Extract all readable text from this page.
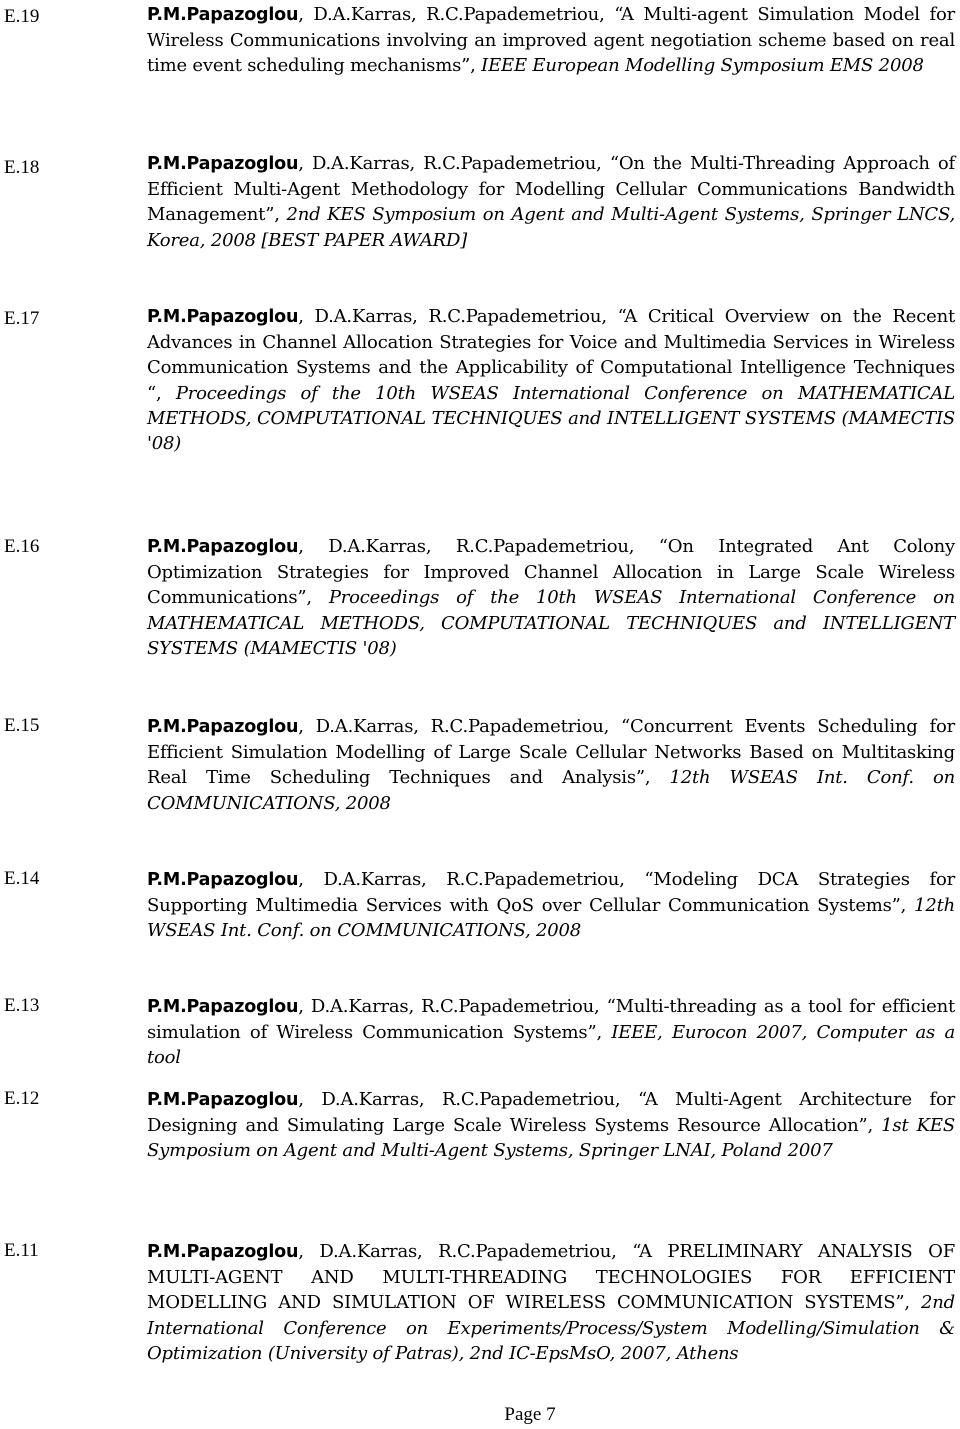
E.19	P.M.Papazoglou, D.A.Karras, R.C.Papademetriou, “A Multi-agent Simulation Model for Wireless Communications involving an improved agent negotiation scheme based on real time event scheduling mechanisms”, IEEE European Modelling Symposium EMS 2008
E.18	P.M.Papazoglou, D.A.Karras, R.C.Papademetriou, “On the Multi-Threading Approach of Efficient Multi-Agent Methodology for Modelling Cellular Communications Bandwidth Management”, 2nd KES Symposium on Agent and Multi-Agent Systems, Springer LNCS, Korea, 2008 [BEST PAPER AWARD]
E.17	P.M.Papazoglou, D.A.Karras, R.C.Papademetriou, “A Critical Overview on the Recent Advances in Channel Allocation Strategies for Voice and Multimedia Services in Wireless Communication Systems and the Applicability of Computational Intelligence Techniques “, Proceedings of the 10th WSEAS International Conference on MATHEMATICAL METHODS, COMPUTATIONAL TECHNIQUES and INTELLIGENT SYSTEMS (MAMECTIS '08)
E.16	P.M.Papazoglou, D.A.Karras, R.C.Papademetriou, “On Integrated Ant Colony Optimization Strategies for Improved Channel Allocation in Large Scale Wireless Communications”, Proceedings of the 10th WSEAS International Conference on MATHEMATICAL METHODS, COMPUTATIONAL TECHNIQUES and INTELLIGENT SYSTEMS (MAMECTIS '08)
E.15	P.M.Papazoglou, D.A.Karras, R.C.Papademetriou, “Concurrent Events Scheduling for Efficient Simulation Modelling of Large Scale Cellular Networks Based on Multitasking Real Time Scheduling Techniques and Analysis”, 12th WSEAS Int. Conf. on COMMUNICATIONS, 2008
E.14	P.M.Papazoglou, D.A.Karras, R.C.Papademetriou, “Modeling DCA Strategies for Supporting Multimedia Services with QoS over Cellular Communication Systems”, 12th WSEAS Int. Conf. on COMMUNICATIONS, 2008
E.13	P.M.Papazoglou, D.A.Karras, R.C.Papademetriou, “Multi-threading as a tool for efficient simulation of Wireless Communication Systems”, IEEE, Eurocon 2007, Computer as a tool
E.12	P.M.Papazoglou, D.A.Karras, R.C.Papademetriou, “A Multi-Agent Architecture for Designing and Simulating Large Scale Wireless Systems Resource Allocation”, 1st KES Symposium on Agent and Multi-Agent Systems, Springer LNAI, Poland 2007
E.11	P.M.Papazoglou, D.A.Karras, R.C.Papademetriou, “A PRELIMINARY ANALYSIS OF MULTI-AGENT AND MULTI-THREADING TECHNOLOGIES FOR EFFICIENT MODELLING AND SIMULATION OF WIRELESS COMMUNICATION SYSTEMS”, 2nd International Conference on Experiments/Process/System Modelling/Simulation & Optimization (University of Patras), 2nd IC-EpsMsO, 2007, Athens
Page 7
